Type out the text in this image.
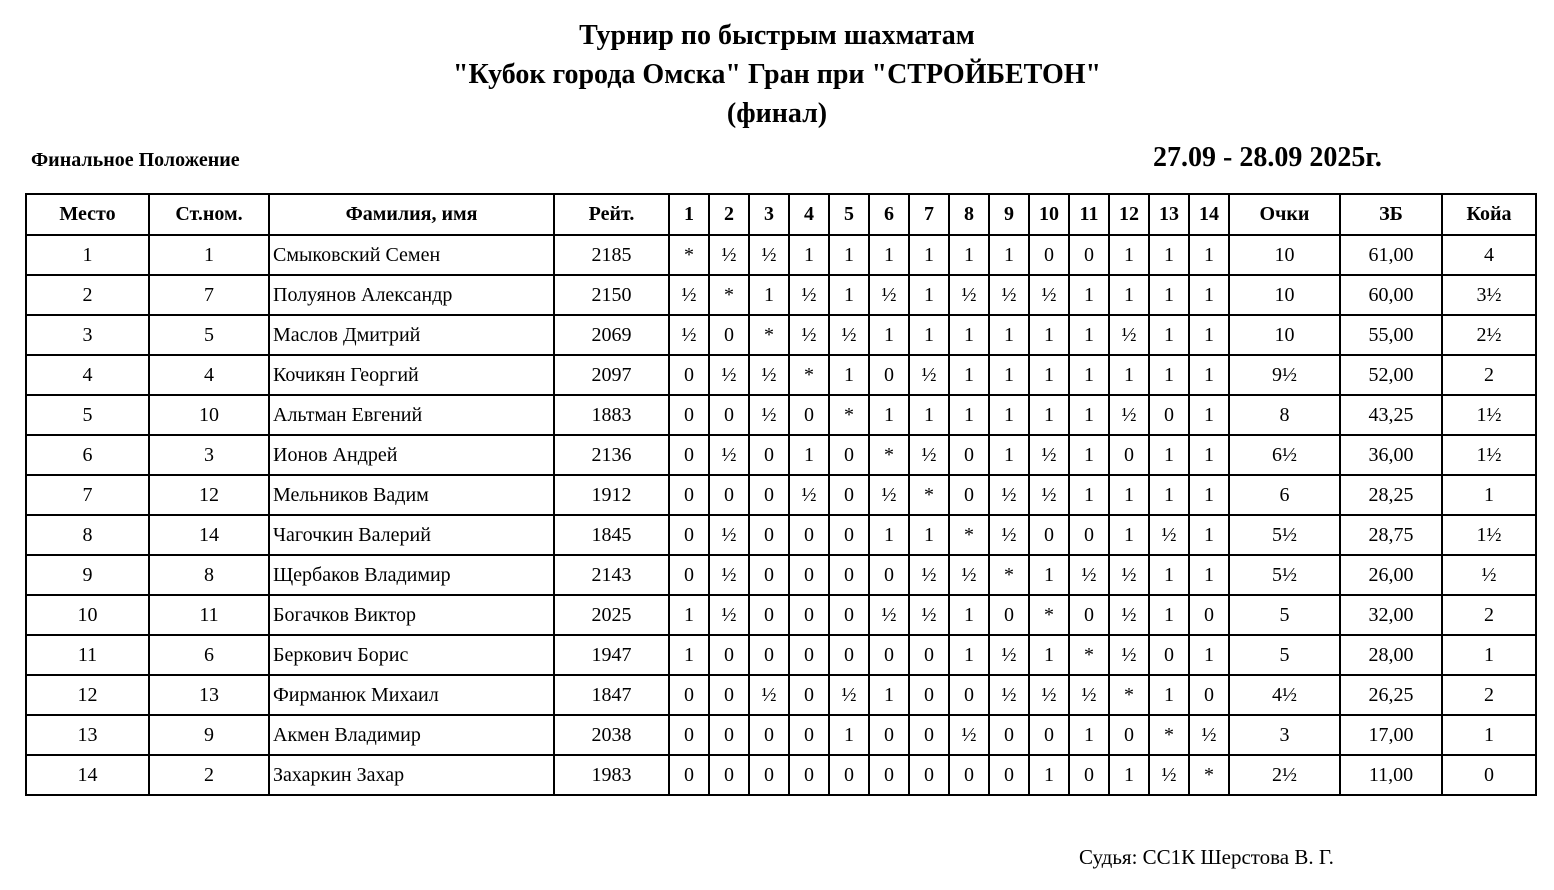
Турнир по быстрым шахматам
"Кубок города Омска" Гран при "СТРОЙБЕТОН"
(финал)
Финальное Положение	27.09 - 28.09 2025г.
Место	Ст.ном.	Фамилия, имя	Рейт.	1	2	3	4	5	6	7	8	9	10	11	12	13	14	Очки	ЗБ	Койа
1	1	Смыковский Семен	2185	*	½	½	1	1	1	1	1	1	0	0	1	1	1	10	61,00	4
2	7	Полуянов Александр	2150	½	*	1	½	1	½	1	½	½	½	1	1	1	1	10	60,00	3½
3	5	Маслов Дмитрий	2069	½	0	*	½	½	1	1	1	1	1	1	½	1	1	10	55,00	2½
4	4	Кочикян Георгий	2097	0	½	½	*	1	0	½	1	1	1	1	1	1	1	9½	52,00	2
5	10	Альтман Евгений	1883	0	0	½	0	*	1	1	1	1	1	1	½	0	1	8	43,25	1½
6	3	Ионов Андрей	2136	0	½	0	1	0	*	½	0	1	½	1	0	1	1	6½	36,00	1½
7	12	Мельников Вадим	1912	0	0	0	½	0	½	*	0	½	½	1	1	1	1	6	28,25	1
8	14	Чагочкин Валерий	1845	0	½	0	0	0	1	1	*	½	0	0	1	½	1	5½	28,75	1½
9	8	Щербаков Владимир	2143	0	½	0	0	0	0	½	½	*	1	½	½	1	1	5½	26,00	½
10	11	Богачков Виктор	2025	1	½	0	0	0	½	½	1	0	*	0	½	1	0	5	32,00	2
11	6	Беркович Борис	1947	1	0	0	0	0	0	0	1	½	1	*	½	0	1	5	28,00	1
12	13	Фирманюк Михаил	1847	0	0	½	0	½	1	0	0	½	½	½	*	1	0	4½	26,25	2
13	9	Акмен Владимир	2038	0	0	0	0	1	0	0	½	0	0	1	0	*	½	3	17,00	1
14	2	Захаркин Захар	1983	0	0	0	0	0	0	0	0	0	1	0	1	½	*	2½	11,00	0
Судья: СС1К Шерстова В. Г.
